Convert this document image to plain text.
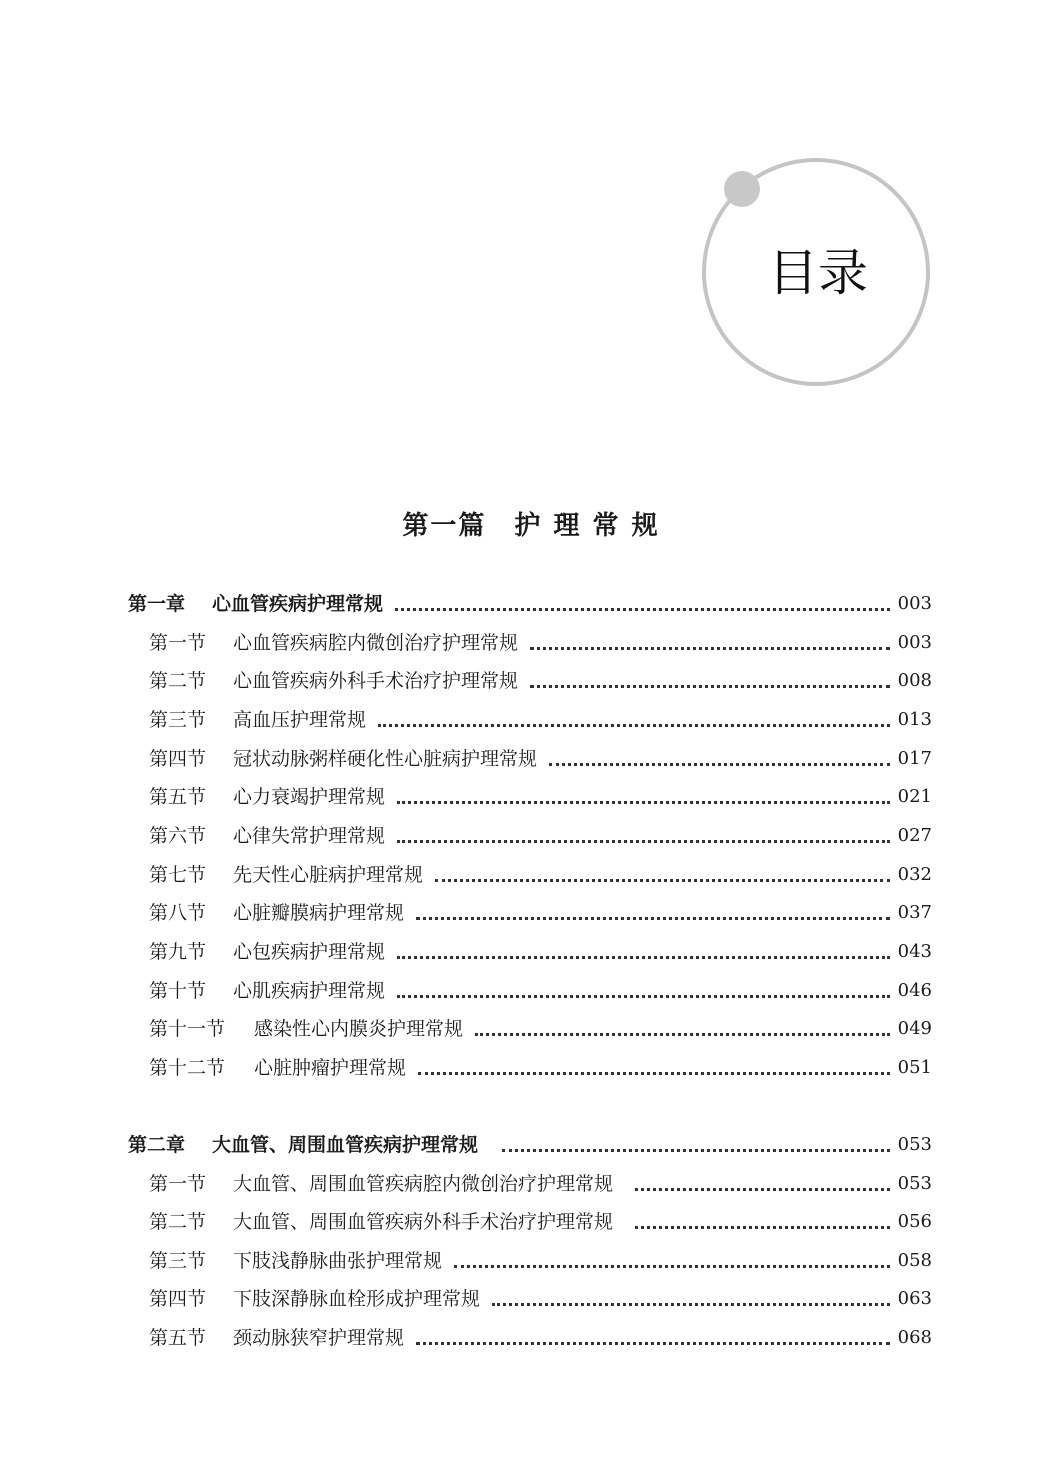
目录
第一篇　护 理 常 规
第一章	心血管疾病护理常规	003
第一节	心血管疾病腔内微创治疗护理常规	003
第二节	心血管疾病外科手术治疗护理常规	008
第三节	高血压护理常规	013
第四节	冠状动脉粥样硬化性心脏病护理常规	017
第五节	心力衰竭护理常规	021
第六节	心律失常护理常规	027
第七节	先天性心脏病护理常规	032
第八节	心脏瓣膜病护理常规	037
第九节	心包疾病护理常规	043
第十节	心肌疾病护理常规	046
第十一节	感染性心内膜炎护理常规	049
第十二节	心脏肿瘤护理常规	051
第二章	大血管、周围血管疾病护理常规	053
第一节	大血管、周围血管疾病腔内微创治疗护理常规	053
第二节	大血管、周围血管疾病外科手术治疗护理常规	056
第三节	下肢浅静脉曲张护理常规	058
第四节	下肢深静脉血栓形成护理常规	063
第五节	颈动脉狭窄护理常规	068
